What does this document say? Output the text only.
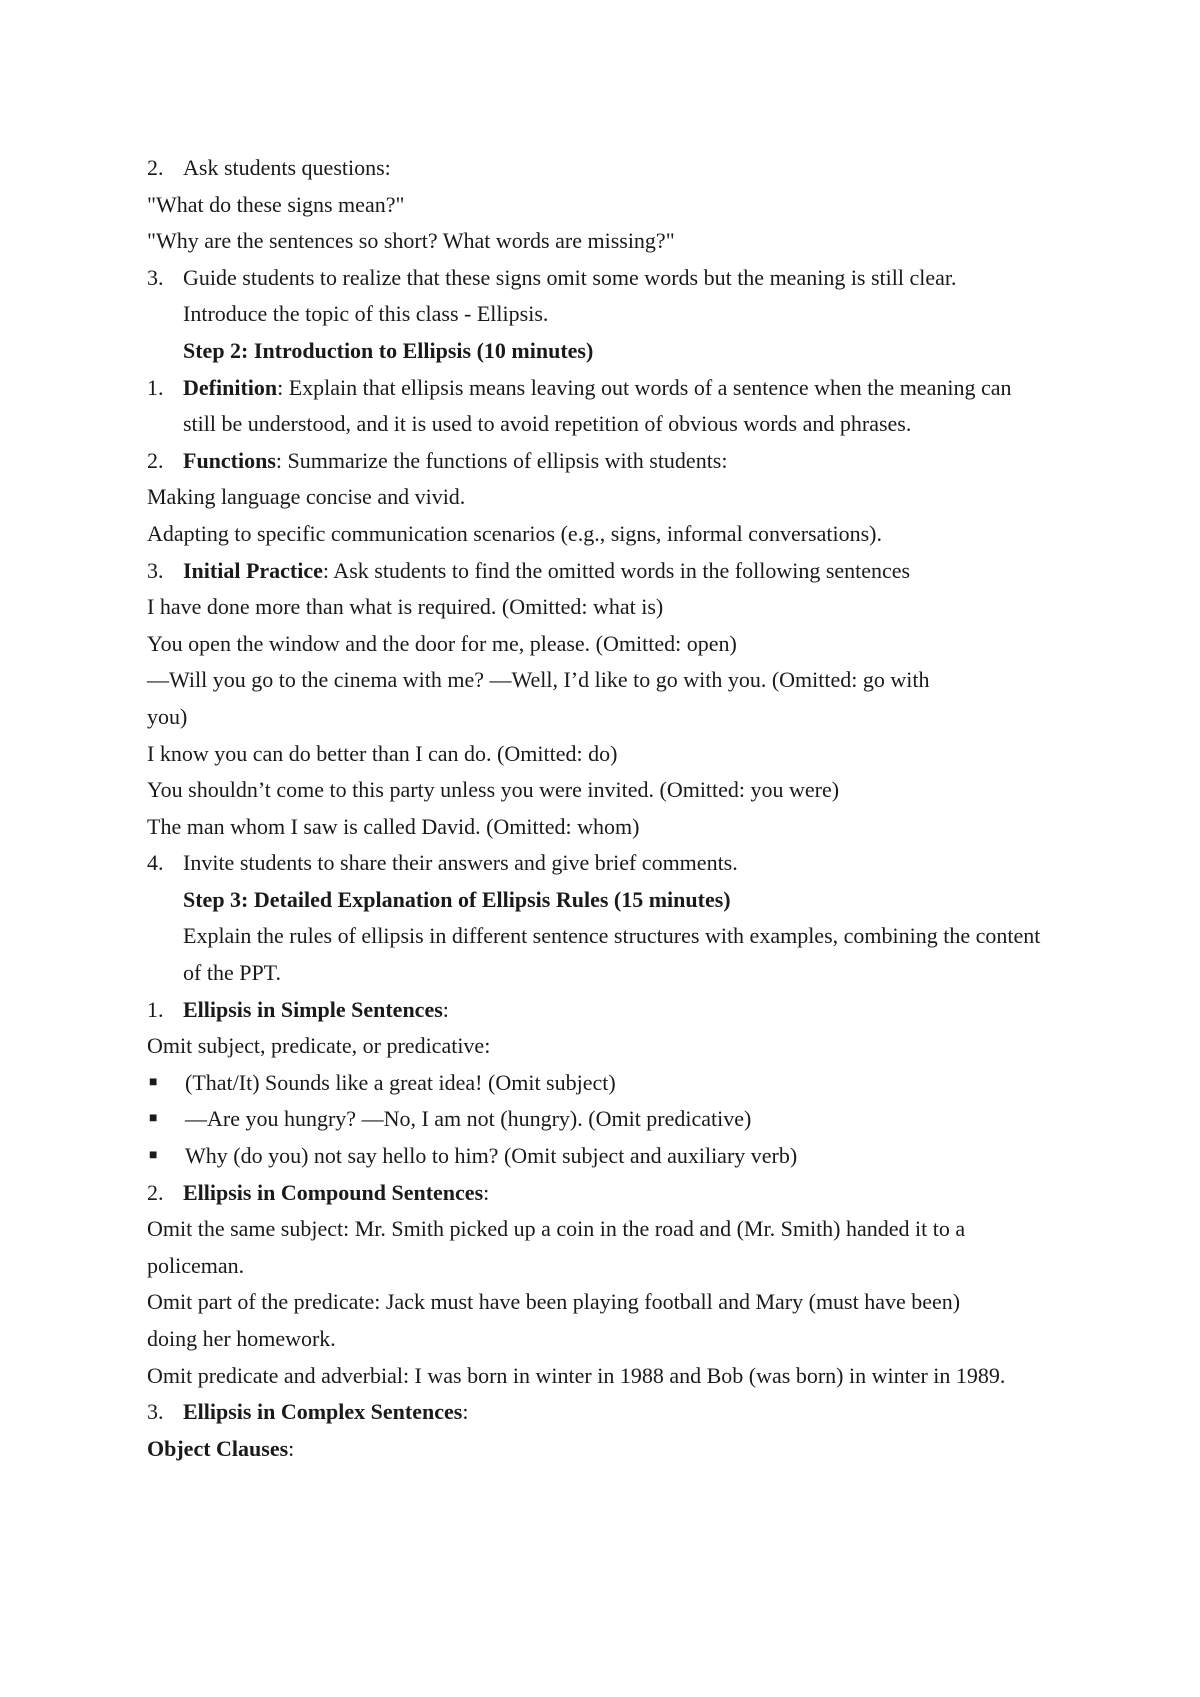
2. Ask students questions:
"What do these signs mean?"
"Why are the sentences so short? What words are missing?"
3. Guide students to realize that these signs omit some words but the meaning is still clear. Introduce the topic of this class - Ellipsis.
Step 2: Introduction to Ellipsis (10 minutes)
1. Definition: Explain that ellipsis means leaving out words of a sentence when the meaning can still be understood, and it is used to avoid repetition of obvious words and phrases.
2. Functions: Summarize the functions of ellipsis with students:
Making language concise and vivid.
Adapting to specific communication scenarios (e.g., signs, informal conversations).
3. Initial Practice: Ask students to find the omitted words in the following sentences
I have done more than what is required. (Omitted: what is)
You open the window and the door for me, please. (Omitted: open)
—Will you go to the cinema with me? —Well, I’d like to go with you. (Omitted: go with you)
I know you can do better than I can do. (Omitted: do)
You shouldn’t come to this party unless you were invited. (Omitted: you were)
The man whom I saw is called David. (Omitted: whom)
4. Invite students to share their answers and give brief comments.
Step 3: Detailed Explanation of Ellipsis Rules (15 minutes)
Explain the rules of ellipsis in different sentence structures with examples, combining the content of the PPT.
1. Ellipsis in Simple Sentences:
Omit subject, predicate, or predicative:
■	(That/It) Sounds like a great idea! (Omit subject)
■	—Are you hungry? —No, I am not (hungry). (Omit predicative)
■	Why (do you) not say hello to him? (Omit subject and auxiliary verb)
2. Ellipsis in Compound Sentences:
Omit the same subject: Mr. Smith picked up a coin in the road and (Mr. Smith) handed it to a policeman.
Omit part of the predicate: Jack must have been playing football and Mary (must have been) doing her homework.
Omit predicate and adverbial: I was born in winter in 1988 and Bob (was born) in winter in 1989.
3. Ellipsis in Complex Sentences:
Object Clauses:
